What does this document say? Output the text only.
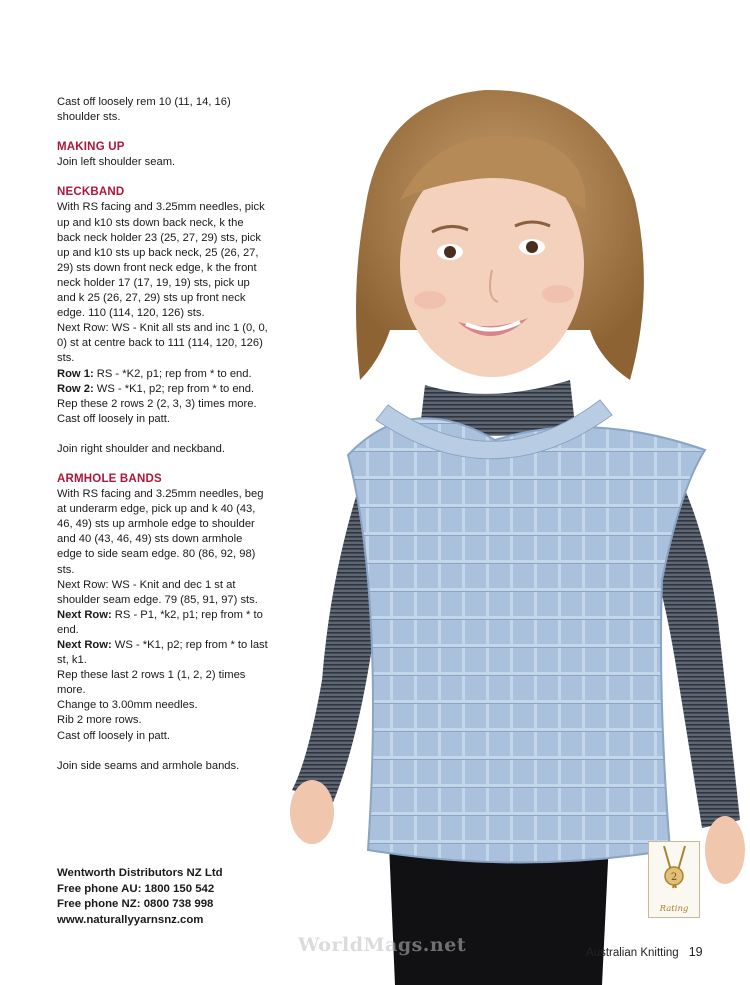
Cast off loosely rem 10 (11, 14, 16) shoulder sts.

MAKING UP

Join left shoulder seam.

NECKBAND
With RS facing and 3.25mm needles, pick up and k10 sts down back neck, k the back neck holder 23 (25, 27, 29) sts, pick up and k10 sts up back neck, 25 (26, 27, 29) sts down front neck edge, k the front neck holder 17 (17, 19, 19) sts, pick up and k 25 (26, 27, 29) sts up front neck edge. 110 (114, 120, 126) sts.
Next Row: WS - Knit all sts and inc 1 (0, 0, 0) st at centre back to 111 (114, 120, 126) sts.
Row 1: RS - *K2, p1; rep from * to end.
Row 2: WS - *K1, p2; rep from * to end.
Rep these 2 rows 2 (2, 3, 3) times more.
Cast off loosely in patt.

Join right shoulder and neckband.

ARMHOLE BANDS
With RS facing and 3.25mm needles, beg at underarm edge, pick up and k 40 (43, 46, 49) sts up armhole edge to shoulder and 40 (43, 46, 49) sts down armhole edge to side seam edge. 80 (86, 92, 98) sts.
Next Row: WS - Knit and dec 1 st at shoulder seam edge. 79 (85, 91, 97) sts.
Next Row: RS - P1, *k2, p1; rep from * to end.
Next Row: WS - *K1, p2; rep from * to last st, k1.
Rep these last 2 rows 1 (1, 2, 2) times more.
Change to 3.00mm needles.
Rib 2 more rows.
Cast off loosely in patt.
Join side seams and armhole bands.
Wentworth Distributors NZ Ltd
Free phone AU: 1800 150 542
Free phone NZ: 0800 738 998
www.naturallyyarnsnz.com
2
Rating
WorldMags.net	Australian Knitting 19
